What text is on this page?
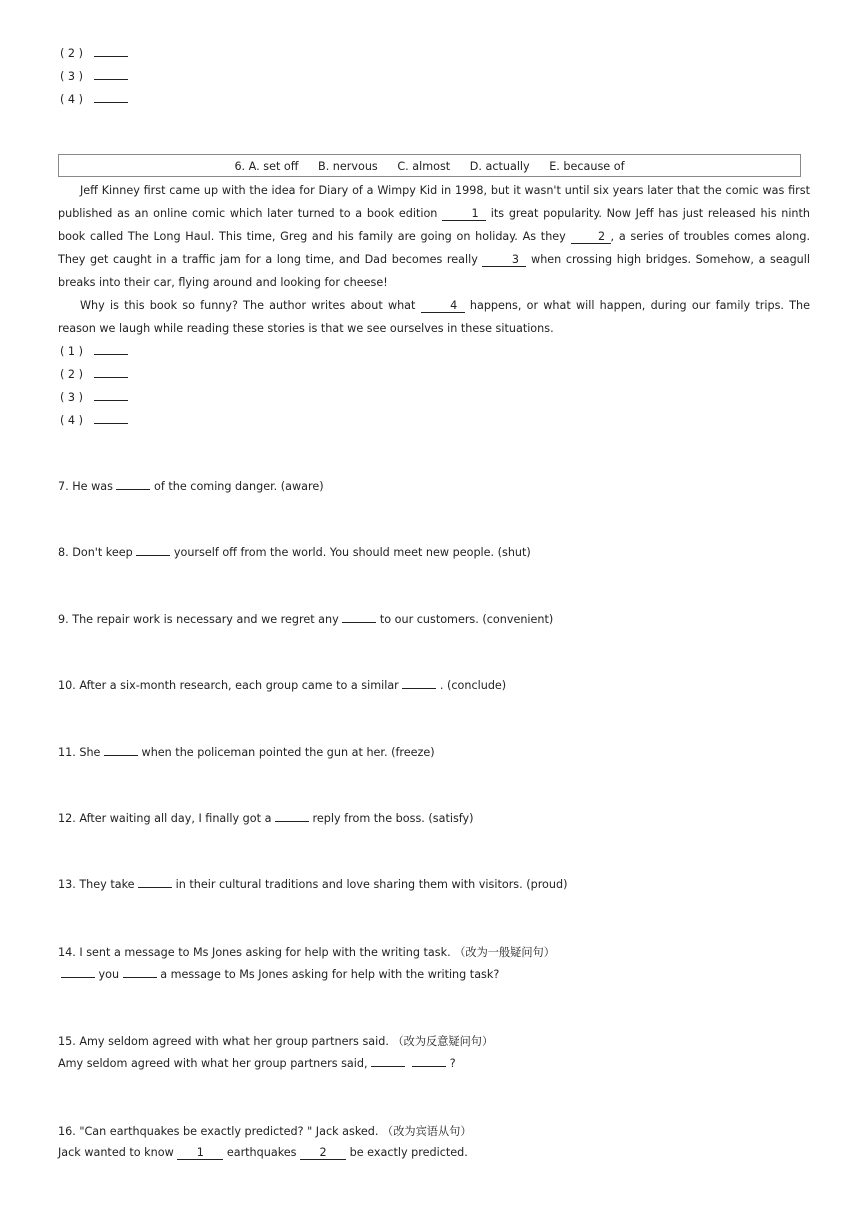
( 2 )
( 3 )
( 4 )
6. A. set off B. nervous C. almost D. actually E. because of
Jeff Kinney first came up with the idea for Diary of a Wimpy Kid in 1998, but it wasn't until six years later that the comic was first published as an online comic which later turned to a book edition	1 its great popularity. Now Jeff has just released his ninth book called The Long Haul. This time, Greg and his family are going on holiday. As they 2 , a series of troubles comes along. They get caught in a traffic jam for a long time, and Dad becomes really	3 when crossing high bridges. Somehow, a seagull breaks into their car, flying around and looking for cheese!
Why is this book so funny? The author writes about what	4 happens, or what will happen, during our family trips. The reason we laugh while reading these stories is that we see ourselves in these situations.
( 1 )
( 2 )
( 3 )
( 4 )
7. He was	of the coming danger. (aware)
8. Don't keep	yourself off from the world. You should meet new people. (shut)
9. The repair work is necessary and we regret any	to our customers. (convenient)
10. After a six-month research, each group came to a similar	. (conclude)
11. She	when the policeman pointed the gun at her. (freeze)
12. After waiting all day, I finally got a	reply from the boss. (satisfy)
13. They take	in their cultural traditions and love sharing them with visitors. (proud)
14. I sent a message to Ms Jones asking for help with the writing task. （改为一般疑问句）
you	a message to Ms Jones asking for help with the writing task?
15. Amy seldom agreed with what her group partners said. （改为反意疑问句）
Amy seldom agreed with what her group partners said,	?
16. "Can earthquakes be exactly predicted? " Jack asked. （改为宾语从句）
Jack wanted to know 1 earthquakes 2 be exactly predicted.
